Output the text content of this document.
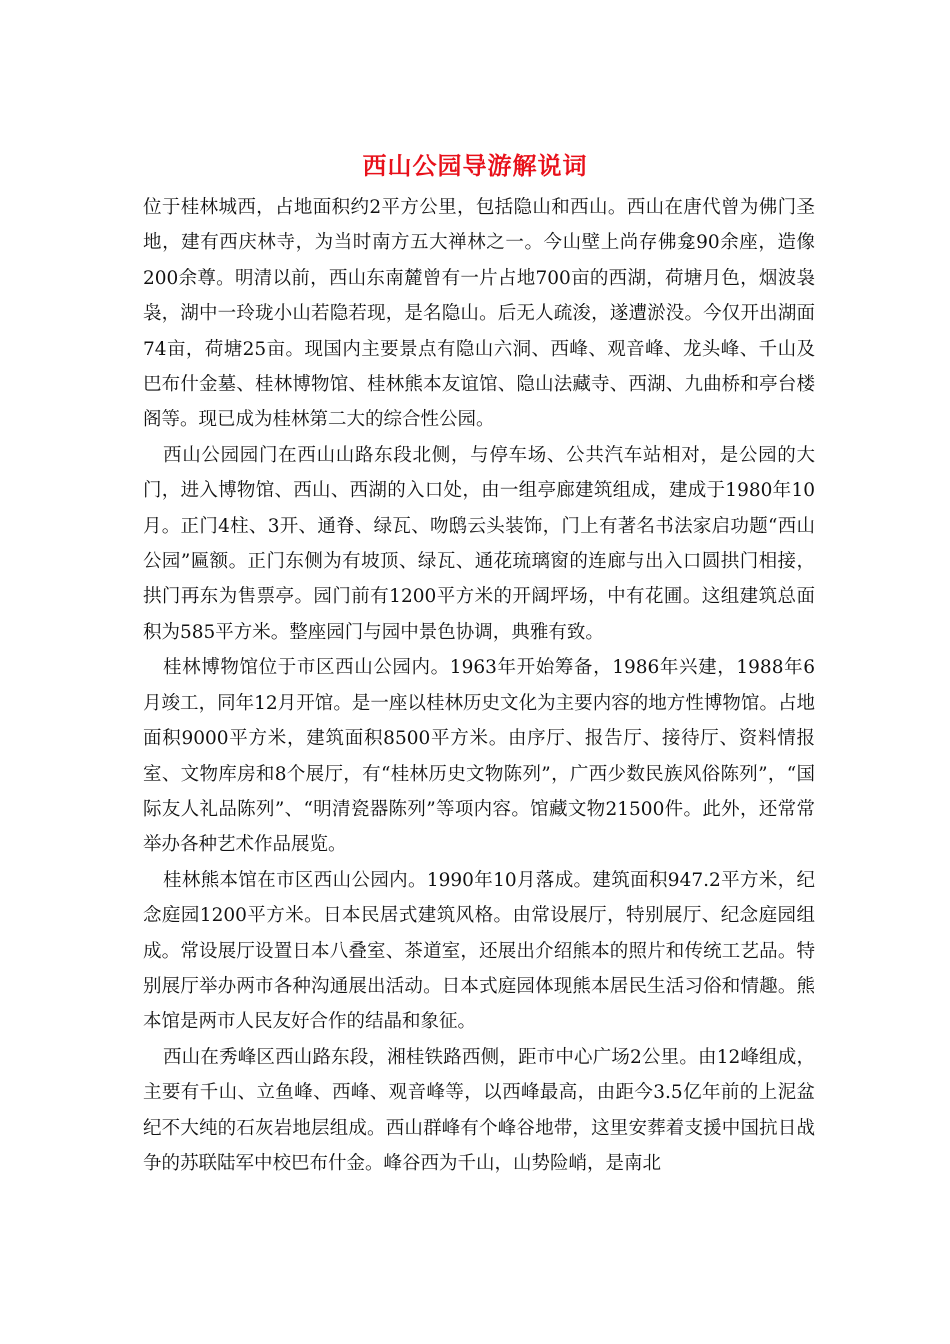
西山公园导游解说词

位于桂林城西，占地面积约2平方公里，包括隐山和西山。西山在唐代曾为佛门圣地，建有西庆林寺，为当时南方五大禅林之一。今山壁上尚存佛龛90余座，造像200余尊。明清以前，西山东南麓曾有一片占地700亩的西湖，荷塘月色，烟波袅袅，湖中一玲珑小山若隐若现，是名隐山。后无人疏浚，遂遭淤没。今仅开出湖面74亩，荷塘25亩。现国内主要景点有隐山六洞、西峰、观音峰、龙头峰、千山及巴布什金墓、桂林博物馆、桂林熊本友谊馆、隐山法藏寺、西湖、九曲桥和亭台楼阁等。现已成为桂林第二大的综合性公园。

西山公园园门在西山山路东段北侧，与停车场、公共汽车站相对，是公园的大门，进入博物馆、西山、西湖的入口处，由一组亭廊建筑组成，建成于1980年10月。正门4柱、3开、通脊、绿瓦、吻鸱云头装饰，门上有著名书法家启功题“西山公园”匾额。正门东侧为有坡顶、绿瓦、通花琉璃窗的连廊与出入口圆拱门相接，拱门再东为售票亭。园门前有1200平方米的开阔坪场，中有花圃。这组建筑总面积为585平方米。整座园门与园中景色协调，典雅有致。

桂林博物馆位于市区西山公园内。1963年开始筹备，1986年兴建，1988年6月竣工，同年12月开馆。是一座以桂林历史文化为主要内容的地方性博物馆。占地面积9000平方米，建筑面积8500平方米。由序厅、报告厅、接待厅、资料情报室、文物库房和8个展厅，有“桂林历史文物陈列”，广西少数民族风俗陈列”，“国际友人礼品陈列”、“明清瓷器陈列”等项内容。馆藏文物21500件。此外，还常常举办各种艺术作品展览。

桂林熊本馆在市区西山公园内。1990年10月落成。建筑面积947.2平方米，纪念庭园1200平方米。日本民居式建筑风格。由常设展厅，特别展厅、纪念庭园组成。常设展厅设置日本八叠室、茶道室，还展出介绍熊本的照片和传统工艺品。特别展厅举办两市各种沟通展出活动。日本式庭园体现熊本居民生活习俗和情趣。熊本馆是两市人民友好合作的结晶和象征。

西山在秀峰区西山路东段，湘桂铁路西侧，距市中心广场2公里。由12峰组成，主要有千山、立鱼峰、西峰、观音峰等，以西峰最高，由距今3.5亿年前的上泥盆纪不大纯的石灰岩地层组成。西山群峰有个峰谷地带，这里安葬着支援中国抗日战争的苏联陆军中校巴布什金。峰谷西为千山，山势险峭，是南北
